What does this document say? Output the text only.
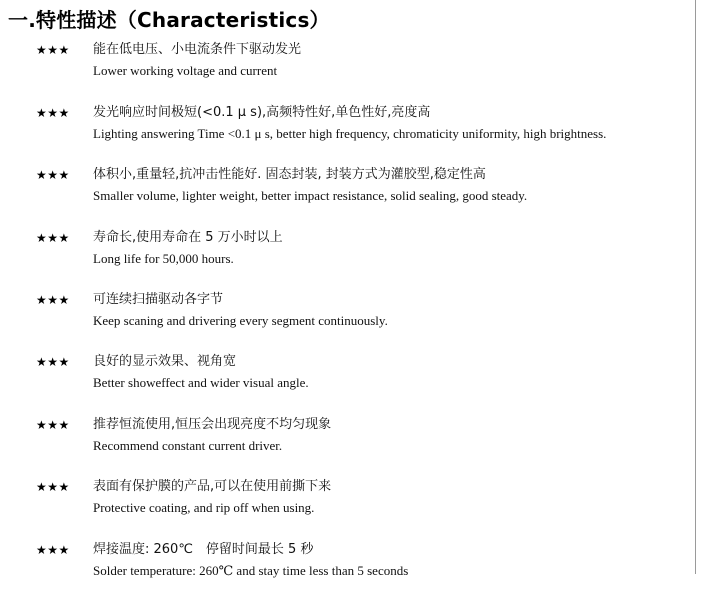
一.特性描述（Characteristics）
★★★ 能在低电压、小电流条件下驱动发光
Lower working voltage and current
★★★ 发光响应时间极短(<0.1 μ s),高频特性好,单色性好,亮度高
Lighting answering Time <0.1 μ s, better high frequency, chromaticity uniformity, high brightness.
★★★ 体积小,重量轻,抗冲击性能好. 固态封装, 封装方式为灌胶型,稳定性高
Smaller volume, lighter weight, better impact resistance, solid sealing, good steady.
★★★ 寿命长,使用寿命在 5 万小时以上
Long life for 50,000 hours.
★★★ 可连续扫描驱动各字节
Keep scaning and drivering every segment continuously.
★★★ 良好的显示效果、视角宽
Better showeffect and wider visual angle.
★★★ 推荐恒流使用,恒压会出现亮度不均匀现象
Recommend constant current driver.
★★★ 表面有保护膜的产品,可以在使用前撕下来
Protective coating, and rip off when using.
★★★ 焊接温度: 260℃　停留时间最长 5 秒
Solder temperature: 260℃ and stay time less than 5 seconds
